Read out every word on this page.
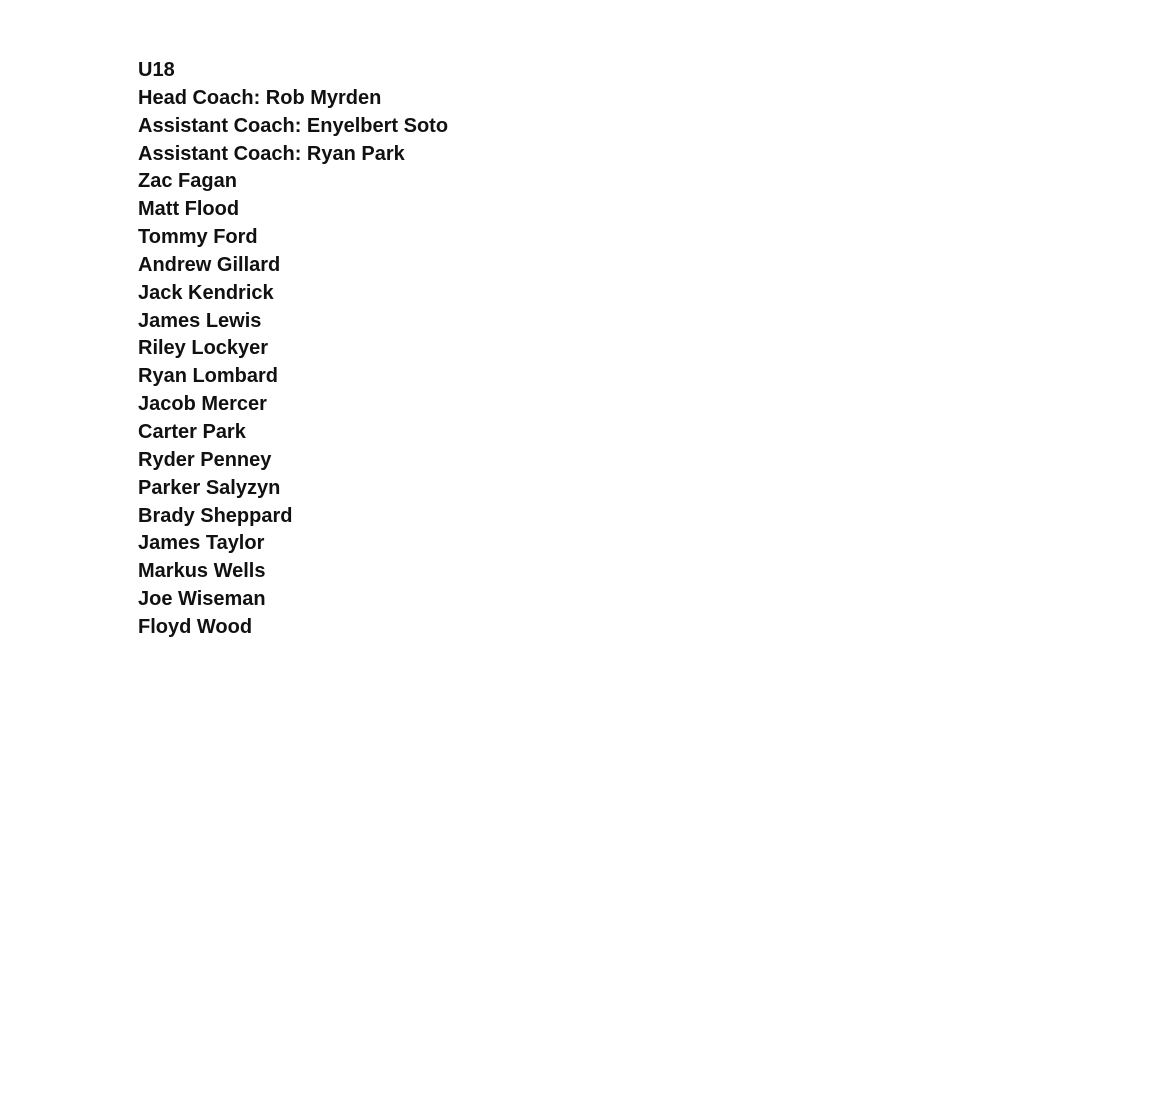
U18
Head Coach: Rob Myrden
Assistant Coach: Enyelbert Soto
Assistant Coach: Ryan Park
Zac Fagan
Matt Flood
Tommy Ford
Andrew Gillard
Jack Kendrick
James Lewis
Riley Lockyer
Ryan Lombard
Jacob Mercer
Carter Park
Ryder Penney
Parker Salyzyn
Brady Sheppard
James Taylor
Markus Wells
Joe Wiseman
Floyd Wood
